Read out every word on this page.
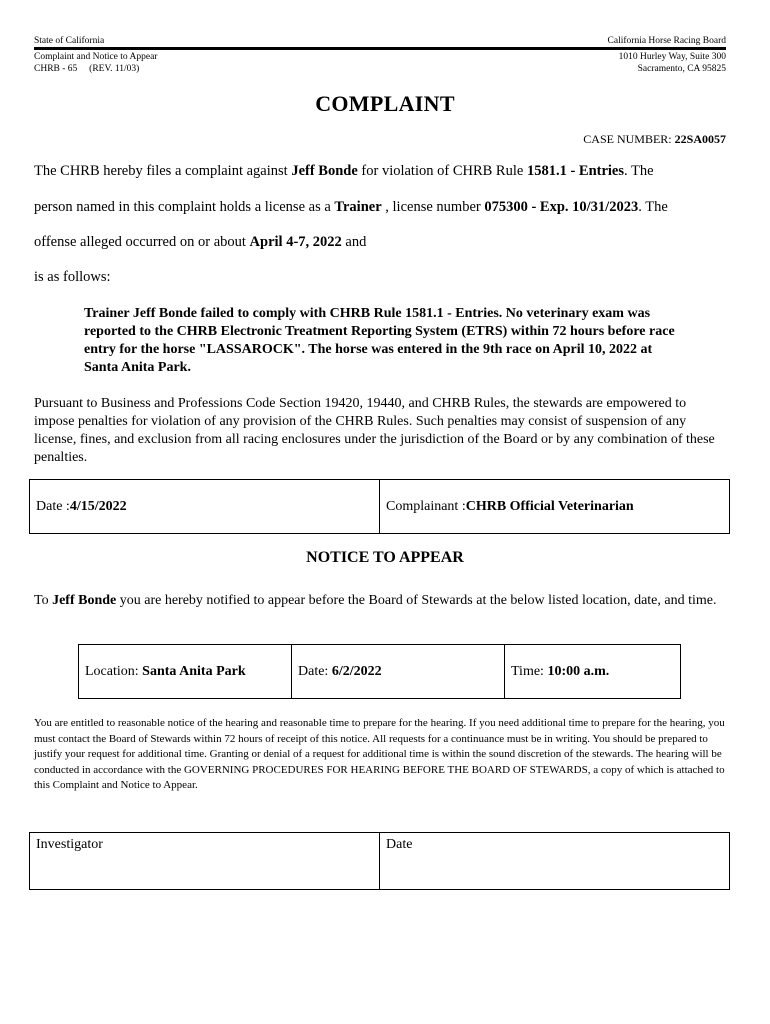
State of California	California Horse Racing Board
Complaint and Notice to Appear
CHRB - 65 (REV. 11/03)
1010 Hurley Way, Suite 300
Sacramento, CA 95825
COMPLAINT
CASE NUMBER: 22SA0057
The CHRB hereby files a complaint against Jeff Bonde for violation of CHRB Rule 1581.1 - Entries. The
person named in this complaint holds a license as a Trainer , license number 075300 - Exp. 10/31/2023. The
offense alleged occurred on or about April 4-7, 2022 and
is as follows:
Trainer Jeff Bonde failed to comply with CHRB Rule 1581.1 - Entries. No veterinary exam was reported to the CHRB Electronic Treatment Reporting System (ETRS) within 72 hours before race entry for the horse "LASSAROCK". The horse was entered in the 9th race on April 10, 2022 at Santa Anita Park.
Pursuant to Business and Professions Code Section 19420, 19440, and CHRB Rules, the stewards are empowered to impose penalties for violation of any provision of the CHRB Rules. Such penalties may consist of suspension of any license, fines, and exclusion from all racing enclosures under the jurisdiction of the Board or by any combination of these penalties.
Date :4/15/2022	Complainant :CHRB Official Veterinarian
NOTICE TO APPEAR
To Jeff Bonde you are hereby notified to appear before the Board of Stewards at the below listed location, date, and time.
Location: Santa Anita Park	Date: 6/2/2022	Time: 10:00 a.m.
You are entitled to reasonable notice of the hearing and reasonable time to prepare for the hearing. If you need additional time to prepare for the hearing, you must contact the Board of Stewards within 72 hours of receipt of this notice. All requests for a continuance must be in writing. You should be prepared to justify your request for additional time. Granting or denial of a request for additional time is within the sound discretion of the stewards. The hearing will be conducted in accordance with the GOVERNING PROCEDURES FOR HEARING BEFORE THE BOARD OF STEWARDS, a copy of which is attached to this Complaint and Notice to Appear.
Investigator	Date
